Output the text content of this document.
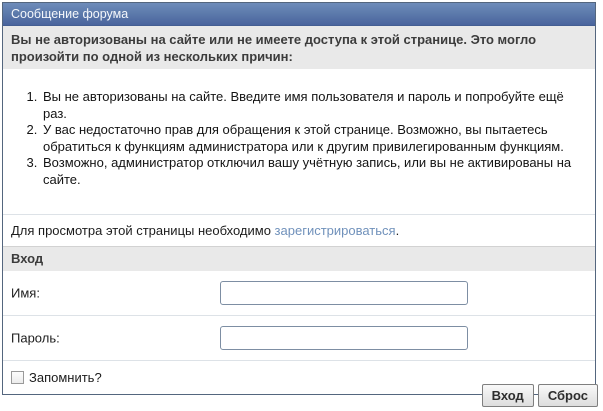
Сообщение форума
Вы не авторизованы на сайте или не имеете доступа к этой странице. Это могло произойти по одной из нескольких причин:
1. Вы не авторизованы на сайте. Введите имя пользователя и пароль и попробуйте ещё раз.
2. У вас недостаточно прав для обращения к этой странице. Возможно, вы пытаетесь обратиться к функциям администратора или к другим привилегированным функциям.
3. Возможно, администратор отключил вашу учётную запись, или вы не активированы на сайте.
Для просмотра этой страницы необходимо зарегистрироваться.
Вход
Имя:
Пароль:
Запомнить?
Вход	Сброс
